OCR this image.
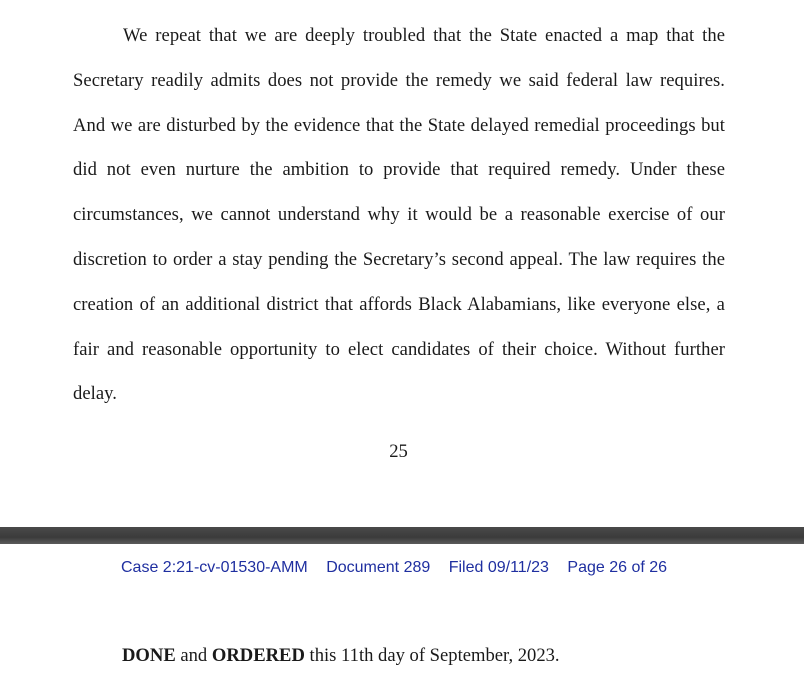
We repeat that we are deeply troubled that the State enacted a map that the Secretary readily admits does not provide the remedy we said federal law requires. And we are disturbed by the evidence that the State delayed remedial proceedings but did not even nurture the ambition to provide that required remedy. Under these circumstances, we cannot understand why it would be a reasonable exercise of our discretion to order a stay pending the Secretary’s second appeal. The law requires the creation of an additional district that affords Black Alabamians, like everyone else, a fair and reasonable opportunity to elect candidates of their choice. Without further delay.

25
Case 2:21-cv-01530-AMM Document 289 Filed 09/11/23 Page 26 of 26
DONE and ORDERED this 11th day of September, 2023.
